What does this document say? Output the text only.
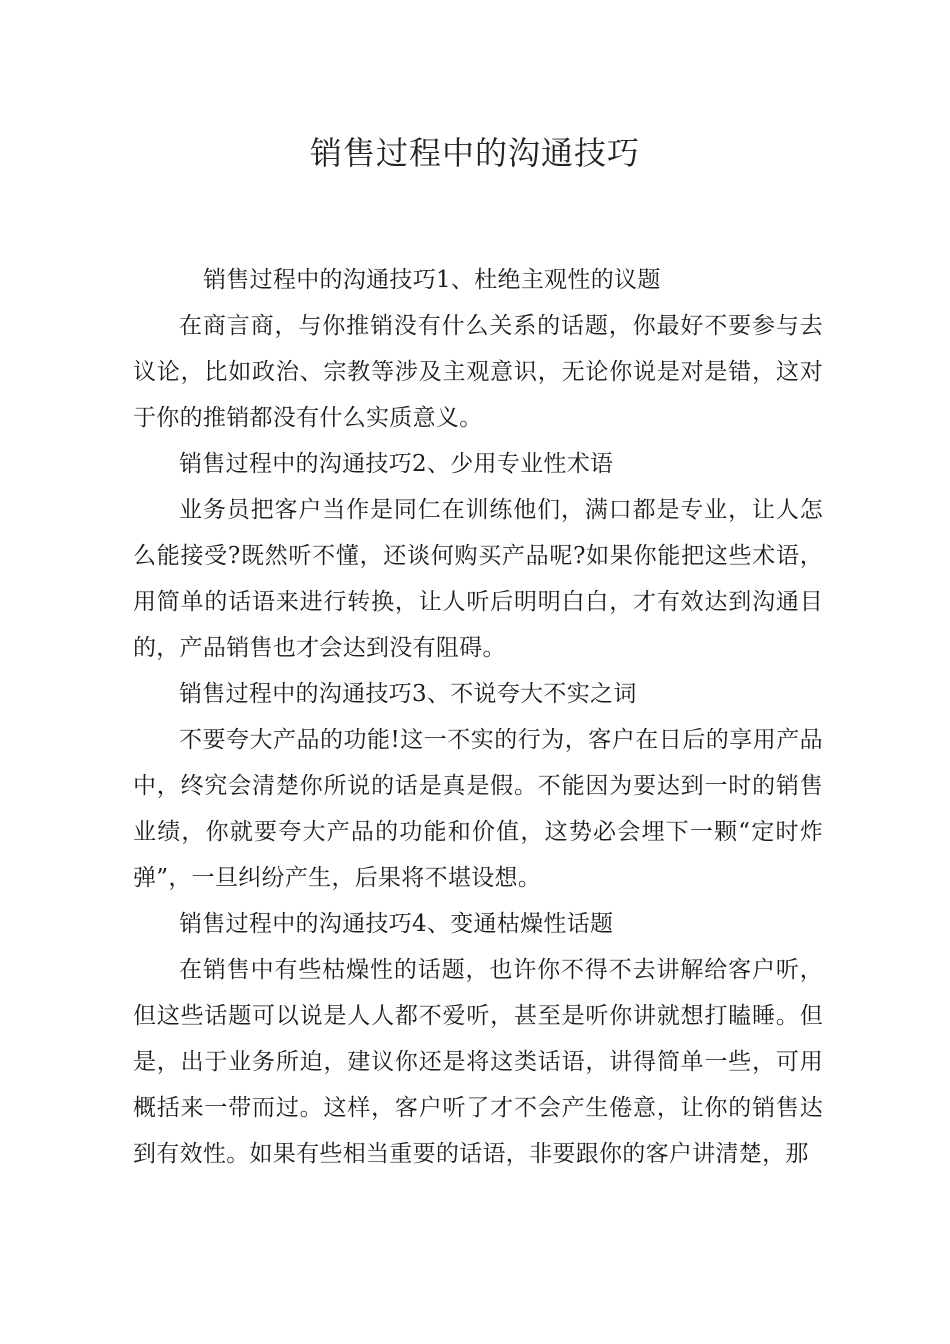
销售过程中的沟通技巧

销售过程中的沟通技巧1、杜绝主观性的议题

在商言商，与你推销没有什么关系的话题，你最好不要参与去议论，比如政治、宗教等涉及主观意识，无论你说是对是错，这对于你的推销都没有什么实质意义。

销售过程中的沟通技巧2、少用专业性术语

业务员把客户当作是同仁在训练他们，满口都是专业，让人怎么能接受?既然听不懂，还谈何购买产品呢?如果你能把这些术语，用简单的话语来进行转换，让人听后明明白白，才有效达到沟通目的，产品销售也才会达到没有阻碍。

销售过程中的沟通技巧3、不说夸大不实之词

不要夸大产品的功能!这一不实的行为，客户在日后的享用产品中，终究会清楚你所说的话是真是假。不能因为要达到一时的销售业绩，你就要夸大产品的功能和价值，这势必会埋下一颗“定时炸弹”，一旦纠纷产生，后果将不堪设想。

销售过程中的沟通技巧4、变通枯燥性话题

在销售中有些枯燥性的话题，也许你不得不去讲解给客户听，但这些话题可以说是人人都不爱听，甚至是听你讲就想打瞌睡。但是，出于业务所迫，建议你还是将这类话语，讲得简单一些，可用概括来一带而过。这样，客户听了才不会产生倦意，让你的销售达到有效性。如果有些相当重要的话语，非要跟你的客户讲清楚，那
